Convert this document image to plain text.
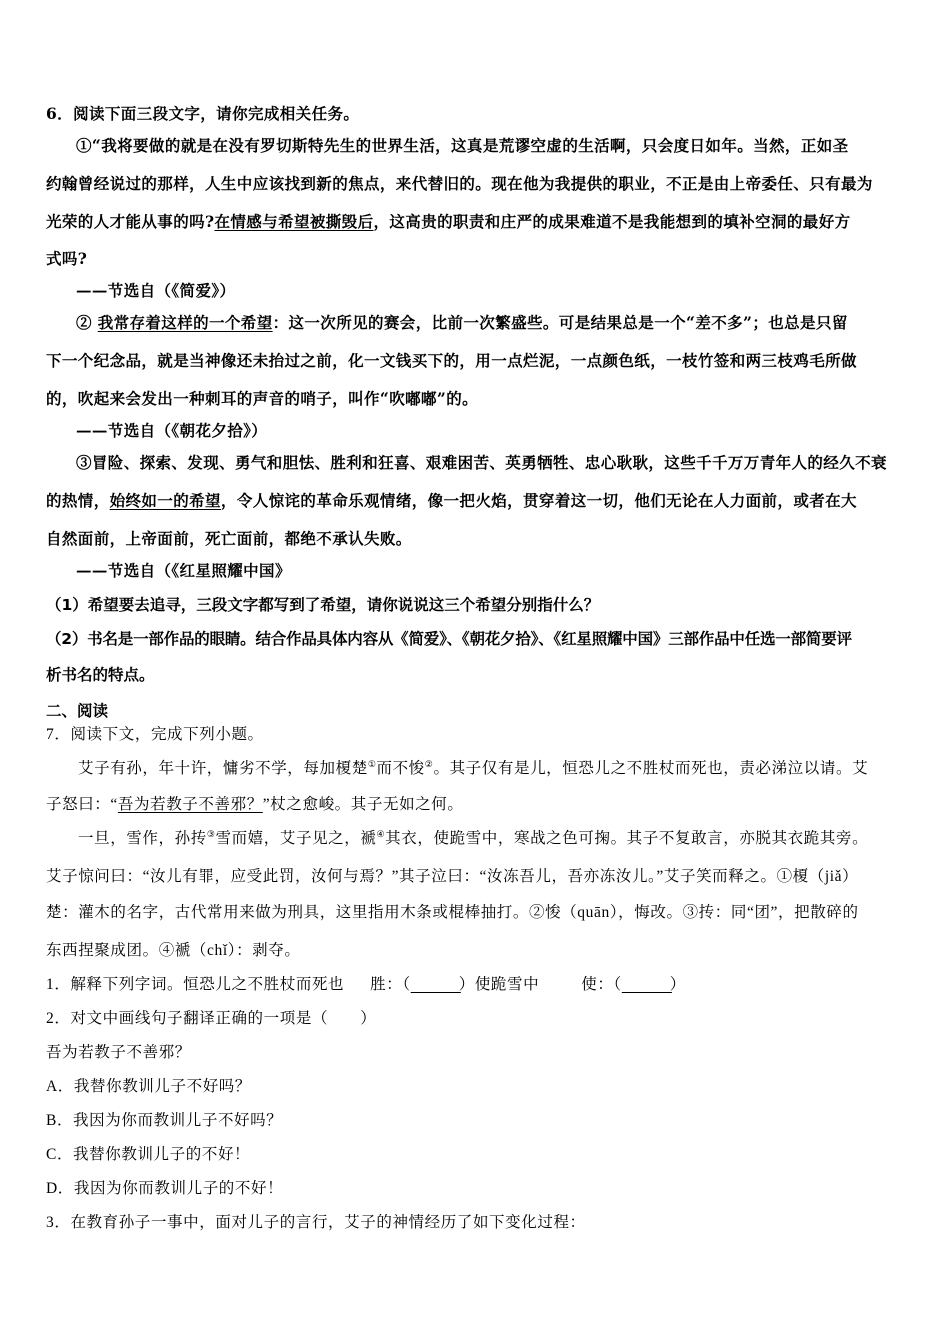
6．阅读下面三段文字，请你完成相关任务。
①“我将要做的就是在没有罗切斯特先生的世界生活，这真是荒谬空虚的生活啊，只会度日如年。当然，正如圣
约翰曾经说过的那样，人生中应该找到新的焦点，来代替旧的。现在他为我提供的职业，不正是由上帝委任、只有最为
光荣的人才能从事的吗?在情感与希望被撕毁后，这高贵的职责和庄严的成果难道不是我能想到的填补空洞的最好方
式吗?
——节选自（《简爱》）
② 我常存着这样的一个希望：这一次所见的赛会，比前一次繁盛些。可是结果总是一个“差不多”；也总是只留
下一个纪念品，就是当神像还未抬过之前，化一文钱买下的，用一点烂泥，一点颜色纸，一枝竹签和两三枝鸡毛所做
的，吹起来会发出一种刺耳的声音的哨子，叫作“吹嘟嘟”的。
——节选自（《朝花夕拾》）
③冒险、探索、发现、勇气和胆怯、胜利和狂喜、艰难困苦、英勇牺牲、忠心耿耿，这些千千万万青年人的经久不衰
的热情，始终如一的希望，令人惊诧的革命乐观情绪，像一把火焰，贯穿着这一切，他们无论在人力面前，或者在大
自然面前，上帝面前，死亡面前，都绝不承认失败。
——节选自（《红星照耀中国》
（1）希望要去追寻，三段文字都写到了希望，请你说说这三个希望分别指什么？
（2）书名是一部作品的眼睛。结合作品具体内容从《简爱》、《朝花夕拾》、《红星照耀中国》三部作品中任选一部简要评
析书名的特点。
二、阅读
7．阅读下文，完成下列小题。
艾子有孙，年十许，慵劣不学，每加榎楚①而不悛②。其子仅有是儿，恒恐儿之不胜杖而死也，责必涕泣以请。艾
子怒曰：“吾为若教子不善邪？”杖之愈峻。其子无如之何。
一旦，雪作，孙抟③雪而嬉，艾子见之，褫④其衣，使跪雪中，寒战之色可掬。其子不复敢言，亦脱其衣跪其旁。
艾子惊问曰：“汝儿有罪，应受此罚，汝何与焉？”其子泣曰：“汝冻吾儿，吾亦冻汝儿。”艾子笑而释之。①榎（jiǎ）
楚：灌木的名字，古代常用来做为刑具，这里指用木条或棍棒抽打。②悛（quān），悔改。③抟：同“团”，把散碎的
东西捏聚成团。④褫（chǐ）：剥夺。
1．解释下列字词。恒恐儿之不胜杖而死也 胜：（      	）使跪雪中	使：（      	）
2．对文中画线句子翻译正确的一项是（　　）
吾为若教子不善邪？
A．我替你教训儿子不好吗？
B．我因为你而教训儿子不好吗？
C．我替你教训儿子的不好！
D．我因为你而教训儿子的不好！
3．在教育孙子一事中，面对儿子的言行，艾子的神情经历了如下变化过程：
